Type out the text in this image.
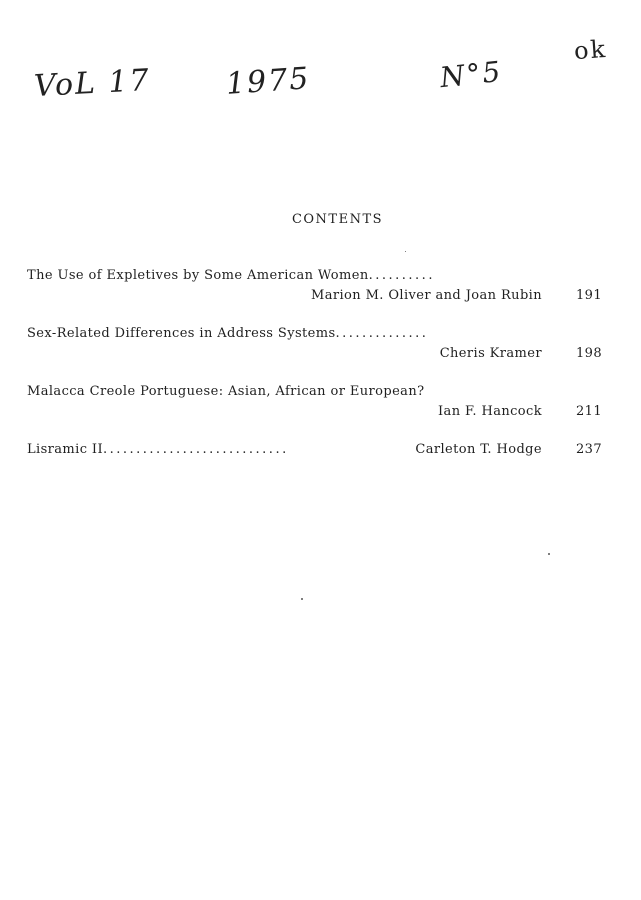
VoL 17 1975	N°5
ok
CONTENTS
The Use of Expletives by Some American Women..........
Marion M. Oliver and Joan Rubin	191
Sex-Related Differences in Address Systems..............
Cheris Kramer	198
Malacca Creole Portuguese: Asian, African or European?
Ian F. Hancock	211
Lisramic II............................	Carleton T. Hodge	237
